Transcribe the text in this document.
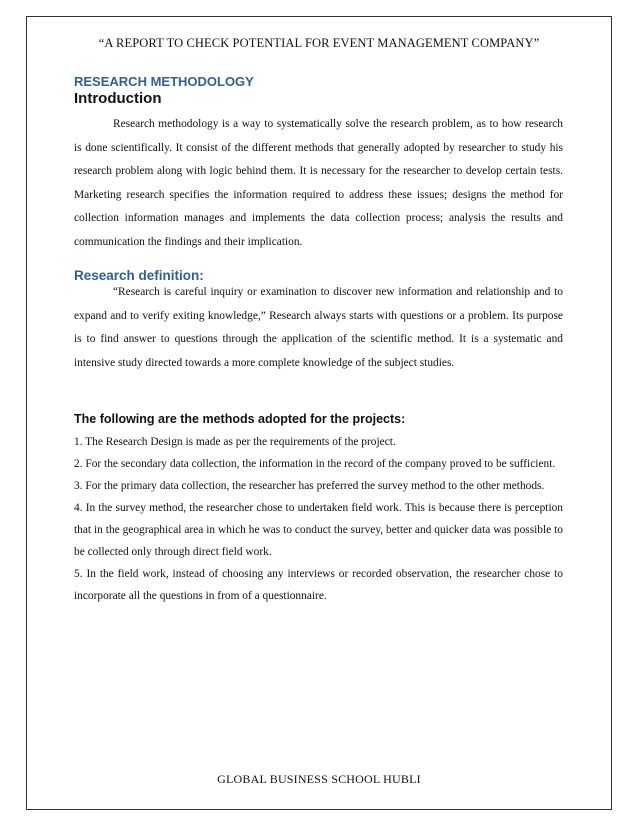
“A REPORT TO CHECK POTENTIAL FOR EVENT MANAGEMENT COMPANY”
RESEARCH METHODOLOGY
Introduction

Research methodology is a way to systematically solve the research problem, as to how research is done scientifically. It consist of the different methods that generally adopted by researcher to study his research problem along with logic behind them. It is necessary for the researcher to develop certain tests. Marketing research specifies the information required to address these issues; designs the method for collection information manages and implements the data collection process; analysis the results and communication the findings and their implication.

Research definition:

“Research is careful inquiry or examination to discover new information and relationship and to expand and to verify exiting knowledge,” Research always starts with questions or a problem. Its purpose is to find answer to questions through the application of the scientific method. It is a systematic and intensive study directed towards a more complete knowledge of the subject studies.

The following are the methods adopted for the projects:
1. The Research Design is made as per the requirements of the project.
2. For the secondary data collection, the information in the record of the company proved to be sufficient.
3. For the primary data collection, the researcher has preferred the survey method to the other methods.
4. In the survey method, the researcher chose to undertaken field work. This is because there is perception that in the geographical area in which he was to conduct the survey, better and quicker data was possible to be collected only through direct field work.
5. In the field work, instead of choosing any interviews or recorded observation, the researcher chose to incorporate all the questions in from of a questionnaire.
GLOBAL BUSINESS SCHOOL HUBLI
